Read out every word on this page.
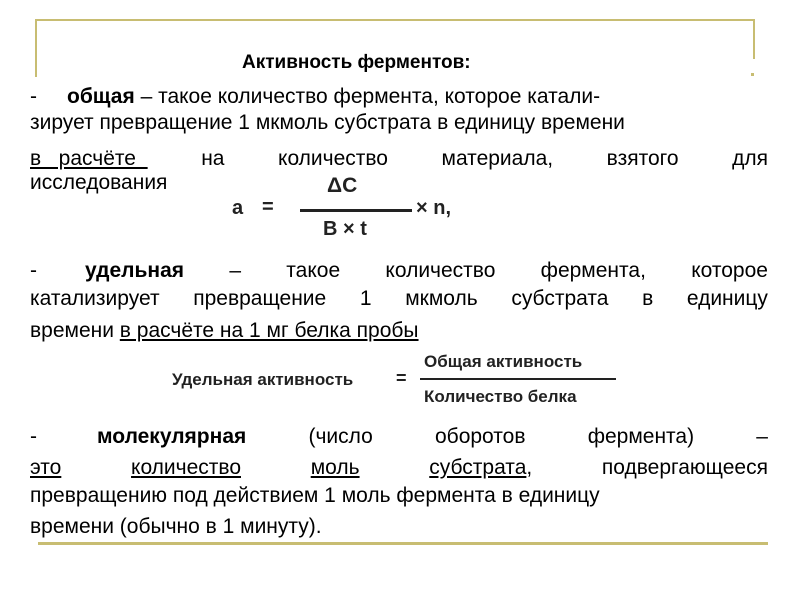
Активность ферментов:
- общая – такое количество фермента, которое катали-
зирует превращение 1 мкмоль субстрата в единицу времени
в   расчёте	на	количество	материала,	взятого	для
исследования
a =
ΔC
B × t
× n,
- удельная – такое количество фермента, которое
катализирует превращение 1 мкмоль субстрата в единицу
времени в расчёте на 1 мг белка пробы
Удельная активность =
Общая активность
Количество белка
-	молекулярная	(число	оборотов	фермента)	–
это	количество	моль	субстрата,	подвергающееся
превращению под действием 1 моль фермента в единицу
времени (обычно в 1 минуту).
